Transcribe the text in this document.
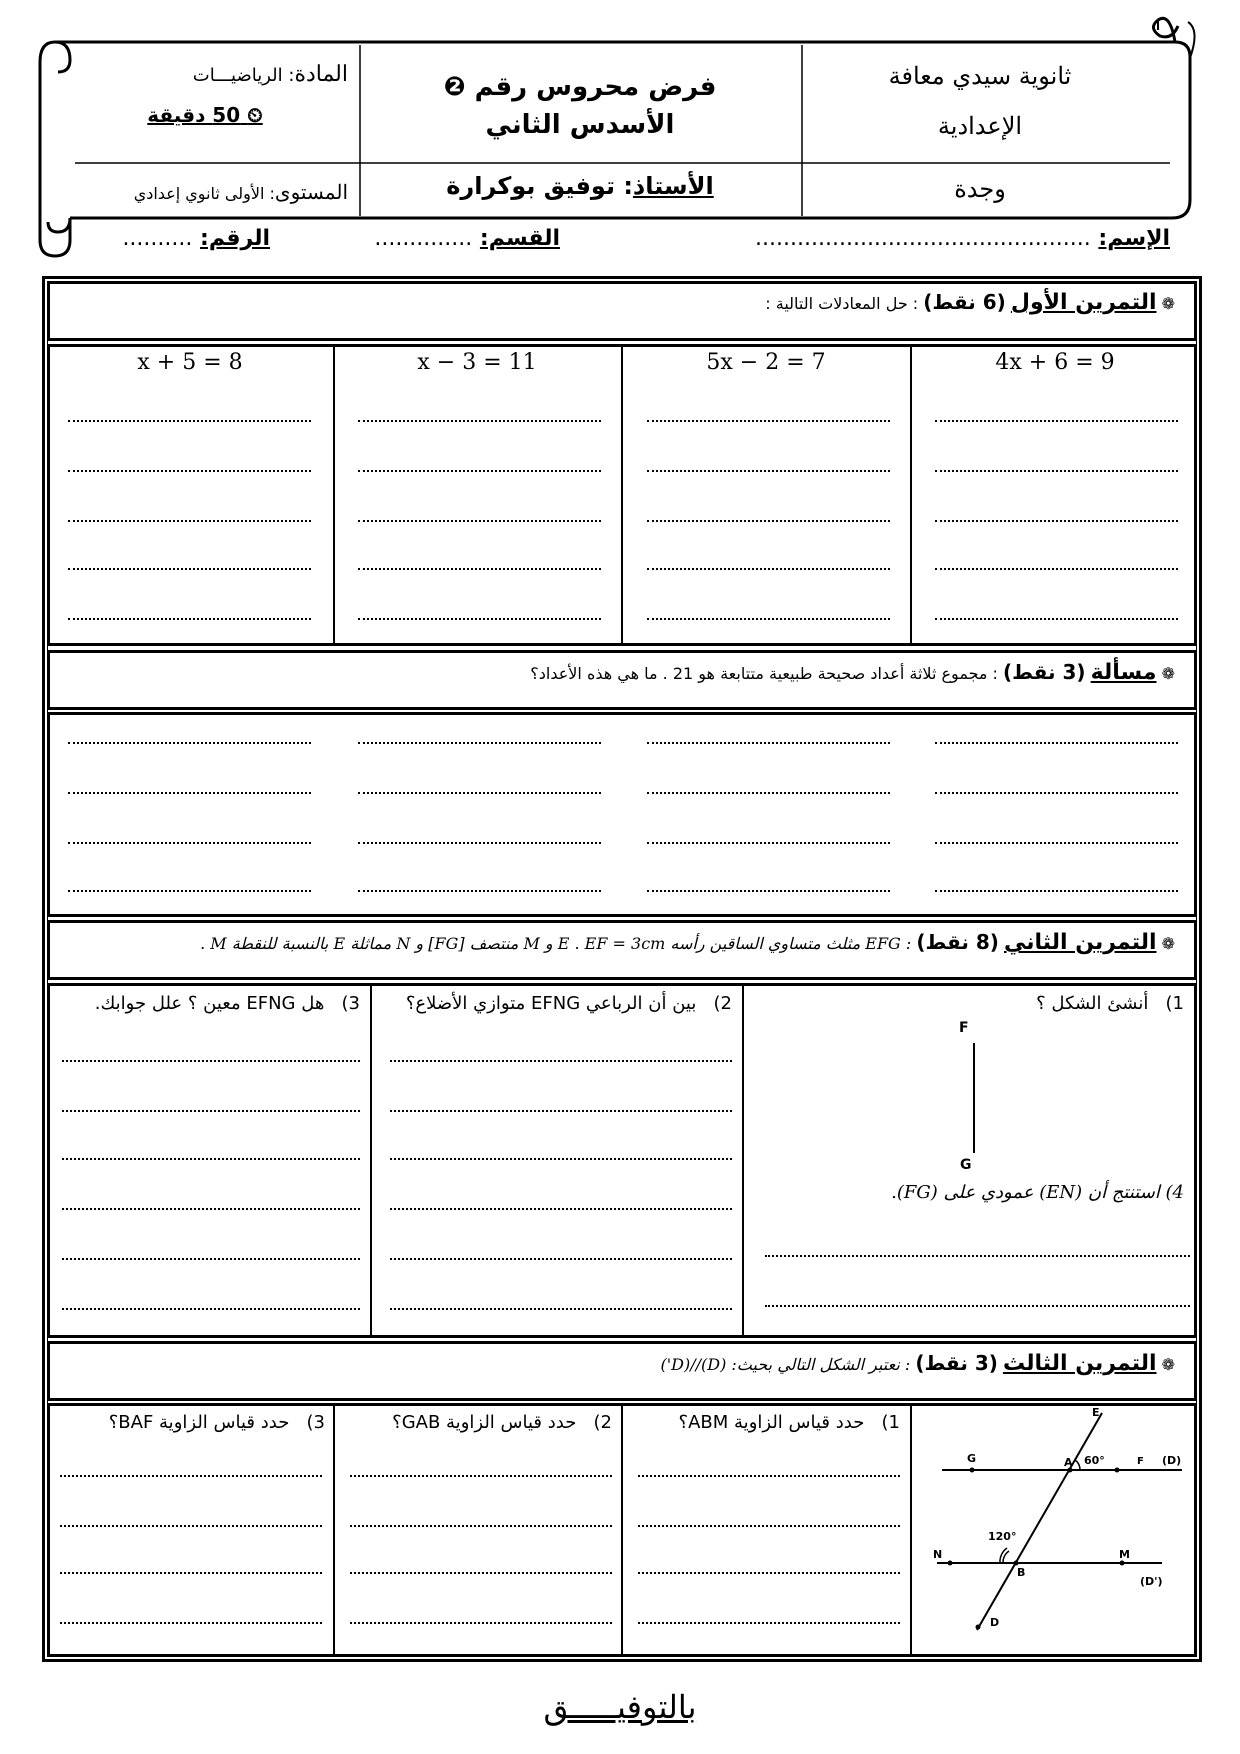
ثانوية سيدي معافة
الإعدادية
وجدة
فرض محروس رقم ❷
الأسدس الثاني
الأستاذ: توفيق بوكرارة
المادة: الرياضيـــات
⏲ 50 دقيقة
المستوى: الأولى ثانوي إعدادي
الإسم: ................................................
القسم: ..............
الرقم: ..........
❁ التمرين الأول (6 نقط) : حل المعادلات التالية :
4x + 6 = 9
5x − 2 = 7
x − 3 = 11
x + 5 = 8
❁ مسألة (3 نقط) : مجموع ثلاثة أعداد صحيحة طبيعية متتابعة هو 21 . ما هي هذه الأعداد؟
❁ التمرين الثاني (8 نقط) : EFG مثلث متساوي الساقين رأسه E . EF = 3cm و M منتصف [FG] و N مماثلة E بالنسبة للنقطة M .
1)   أنشئ الشكل ؟
2)   بين أن الرباعي EFNG متوازي الأضلاع؟
3)   هل EFNG معين ؟ علل جوابك.
F
G
4) استنتج أن (EN) عمودي على (FG).
❁ التمرين الثالث (3 نقط) : نعتبر الشكل التالي بحيث: (D)//(D')
1)   حدد قياس الزاوية ABM؟
2)   حدد قياس الزاوية GAB؟
3)   حدد قياس الزاوية BAF؟	E
G	A 60°	F (D)
N
120°
M
B
(D')
D
بالتوفيـــــق
